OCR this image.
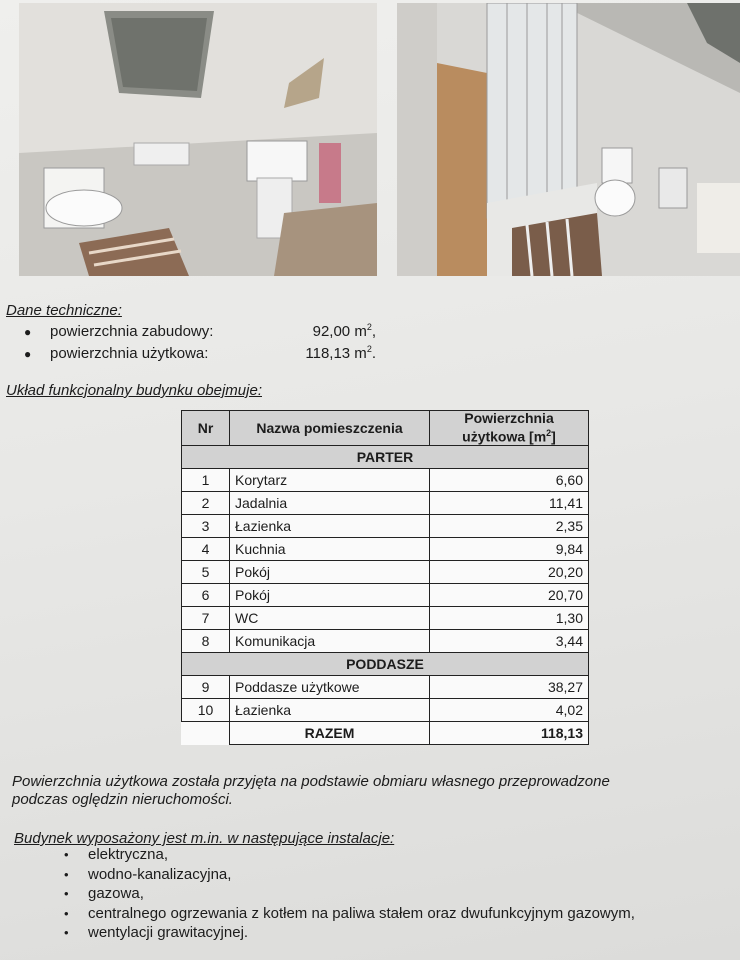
Dane techniczne:
●	powierzchnia zabudowy:	92,00 $m^2$,
●	powierzchnia użytkowa:	118,13 $m^2$.
Układ funkcjonalny budynku obejmuje:
Nr	Nazwa pomieszczenia	Powierzchnia
użytkowa $[m^2]$
PARTER		
1	Korytarz	6,60
2	Jadalnia	11,41
3	Łazienka	2,35
4	Kuchnia	9,84
5	Pokój	20,20
6	Pokój	20,70
7	WC	1,30
8	Komunikacja	3,44
PODDASZE		
9	Poddasze użytkowe	38,27
10	Łazienka	4,02
	RAZEM	118,13
Powierzchnia użytkowa została przyjęta na podstawie obmiaru własnego przeprowadzone
podczas oględzin nieruchomości.
Budynek wyposażony jest m.in. w następujące instalacje:
• elektryczna,
• wodno-kanalizacyjna,
• gazowa,
• centralnego ogrzewania z kotłem na paliwa stałem oraz dwufunkcyjnym gazowym,
• wentylacji grawitacyjnej.
